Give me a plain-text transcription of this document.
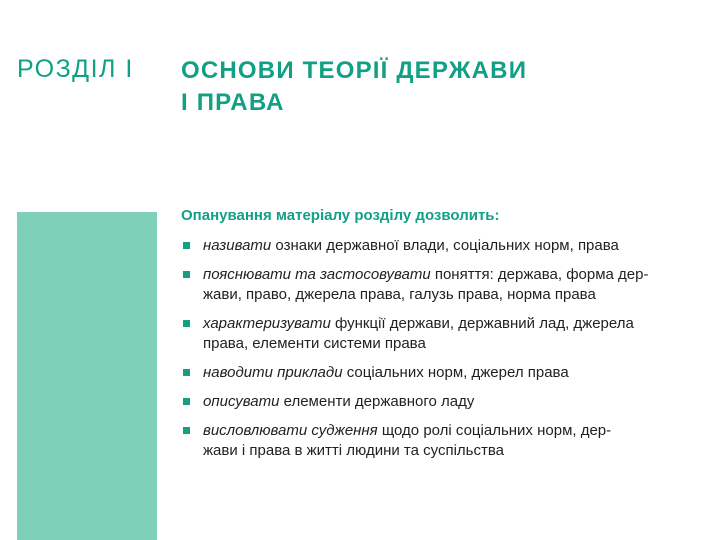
РОЗДІЛ І ОСНОВИ ТЕОРІЇ ДЕРЖАВИ
І ПРАВА
Опанування матеріалу розділу дозволить:
називати ознаки державної влади, соціальних норм, права
пояснювати та застосовувати поняття: держава, форма дер-
жави, право, джерела права, галузь права, норма права
характеризувати функції держави, державний лад, джерела
права, елементи системи права
наводити приклади соціальних норм, джерел права
описувати елементи державного ладу
висловлювати судження щодо ролі соціальних норм, дер-
жави і права в житті людини та суспільства
